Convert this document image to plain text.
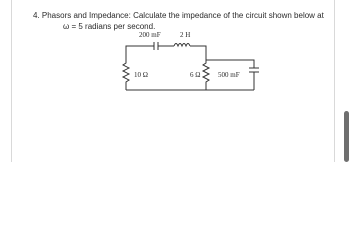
4. Phasors and Impedance: Calculate the impedance of the circuit shown below at
ω = 5 radians per second.
200 mF	2 H
10 Ω	6 Ω	500 mF
